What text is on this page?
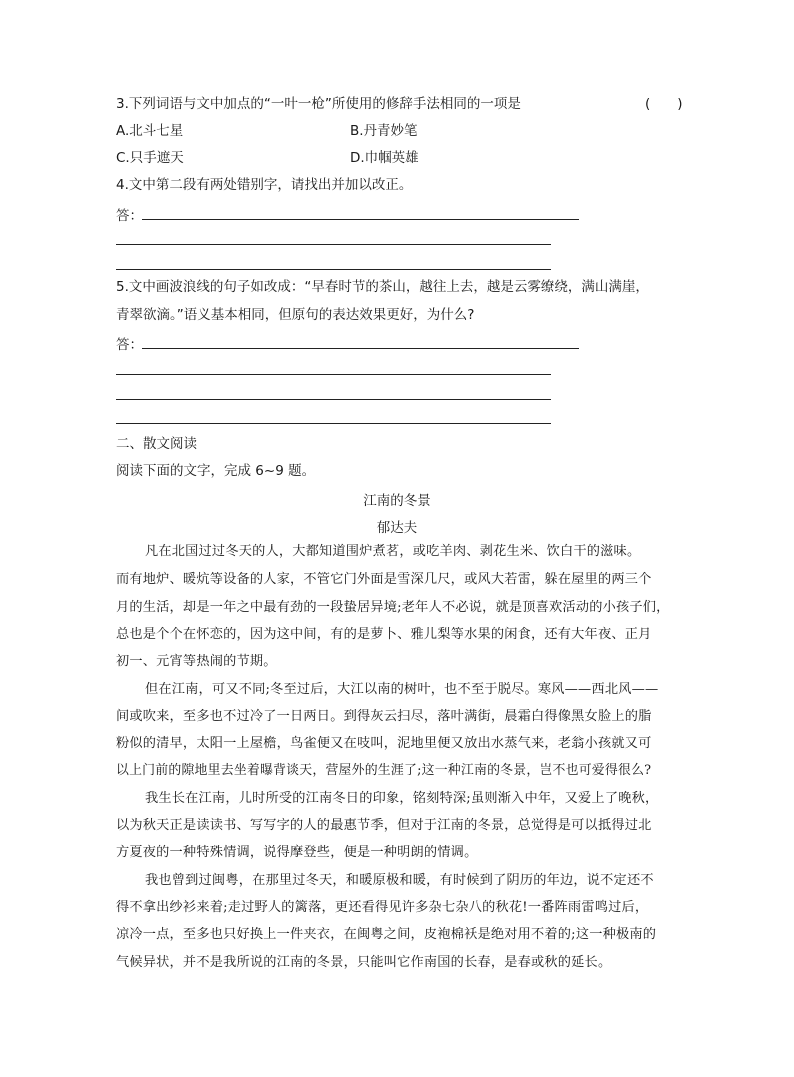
3.下列词语与文中加点的“一叶一枪”所使用的修辞手法相同的一项是	(　　)
A.北斗七星	B.丹青妙笔
C.只手遮天	D.巾帼英雄
4.文中第二段有两处错别字，请找出并加以改正。
答：
5.文中画波浪线的句子如改成：“早春时节的茶山，越往上去，越是云雾缭绕，满山满崖，
青翠欲滴。”语义基本相同，但原句的表达效果更好，为什么?
答：
二、散文阅读
阅读下面的文字，完成 6~9 题。
江南的冬景
郁达夫
凡在北国过过冬天的人，大都知道围炉煮茗，或吃羊肉、剥花生米、饮白干的滋味。
而有地炉、暖炕等设备的人家，不管它门外面是雪深几尺，或风大若雷，躲在屋里的两三个
月的生活，却是一年之中最有劲的一段蛰居异境;老年人不必说，就是顶喜欢活动的小孩子们，
总也是个个在怀恋的，因为这中间，有的是萝卜、雅儿梨等水果的闲食，还有大年夜、正月
初一、元宵等热闹的节期。
但在江南，可又不同;冬至过后，大江以南的树叶，也不至于脱尽。寒风——西北风——
间或吹来，至多也不过冷了一日两日。到得灰云扫尽，落叶满街，晨霜白得像黑女脸上的脂
粉似的清早，太阳一上屋檐，鸟雀便又在吱叫，泥地里便又放出水蒸气来，老翁小孩就又可
以上门前的隙地里去坐着曝背谈天，营屋外的生涯了;这一种江南的冬景，岂不也可爱得很么?
我生长在江南，儿时所受的江南冬日的印象，铭刻特深;虽则渐入中年，又爱上了晚秋，
以为秋天正是读读书、写写字的人的最惠节季，但对于江南的冬景，总觉得是可以抵得过北
方夏夜的一种特殊情调，说得摩登些，便是一种明朗的情调。
我也曾到过闽粤，在那里过冬天，和暖原极和暖，有时候到了阴历的年边，说不定还不
得不拿出纱衫来着;走过野人的篱落，更还看得见许多杂七杂八的秋花!一番阵雨雷鸣过后，
凉冷一点，至多也只好换上一件夹衣，在闽粤之间，皮袍棉袄是绝对用不着的;这一种极南的
气候异状，并不是我所说的江南的冬景，只能叫它作南国的长春，是春或秋的延长。
